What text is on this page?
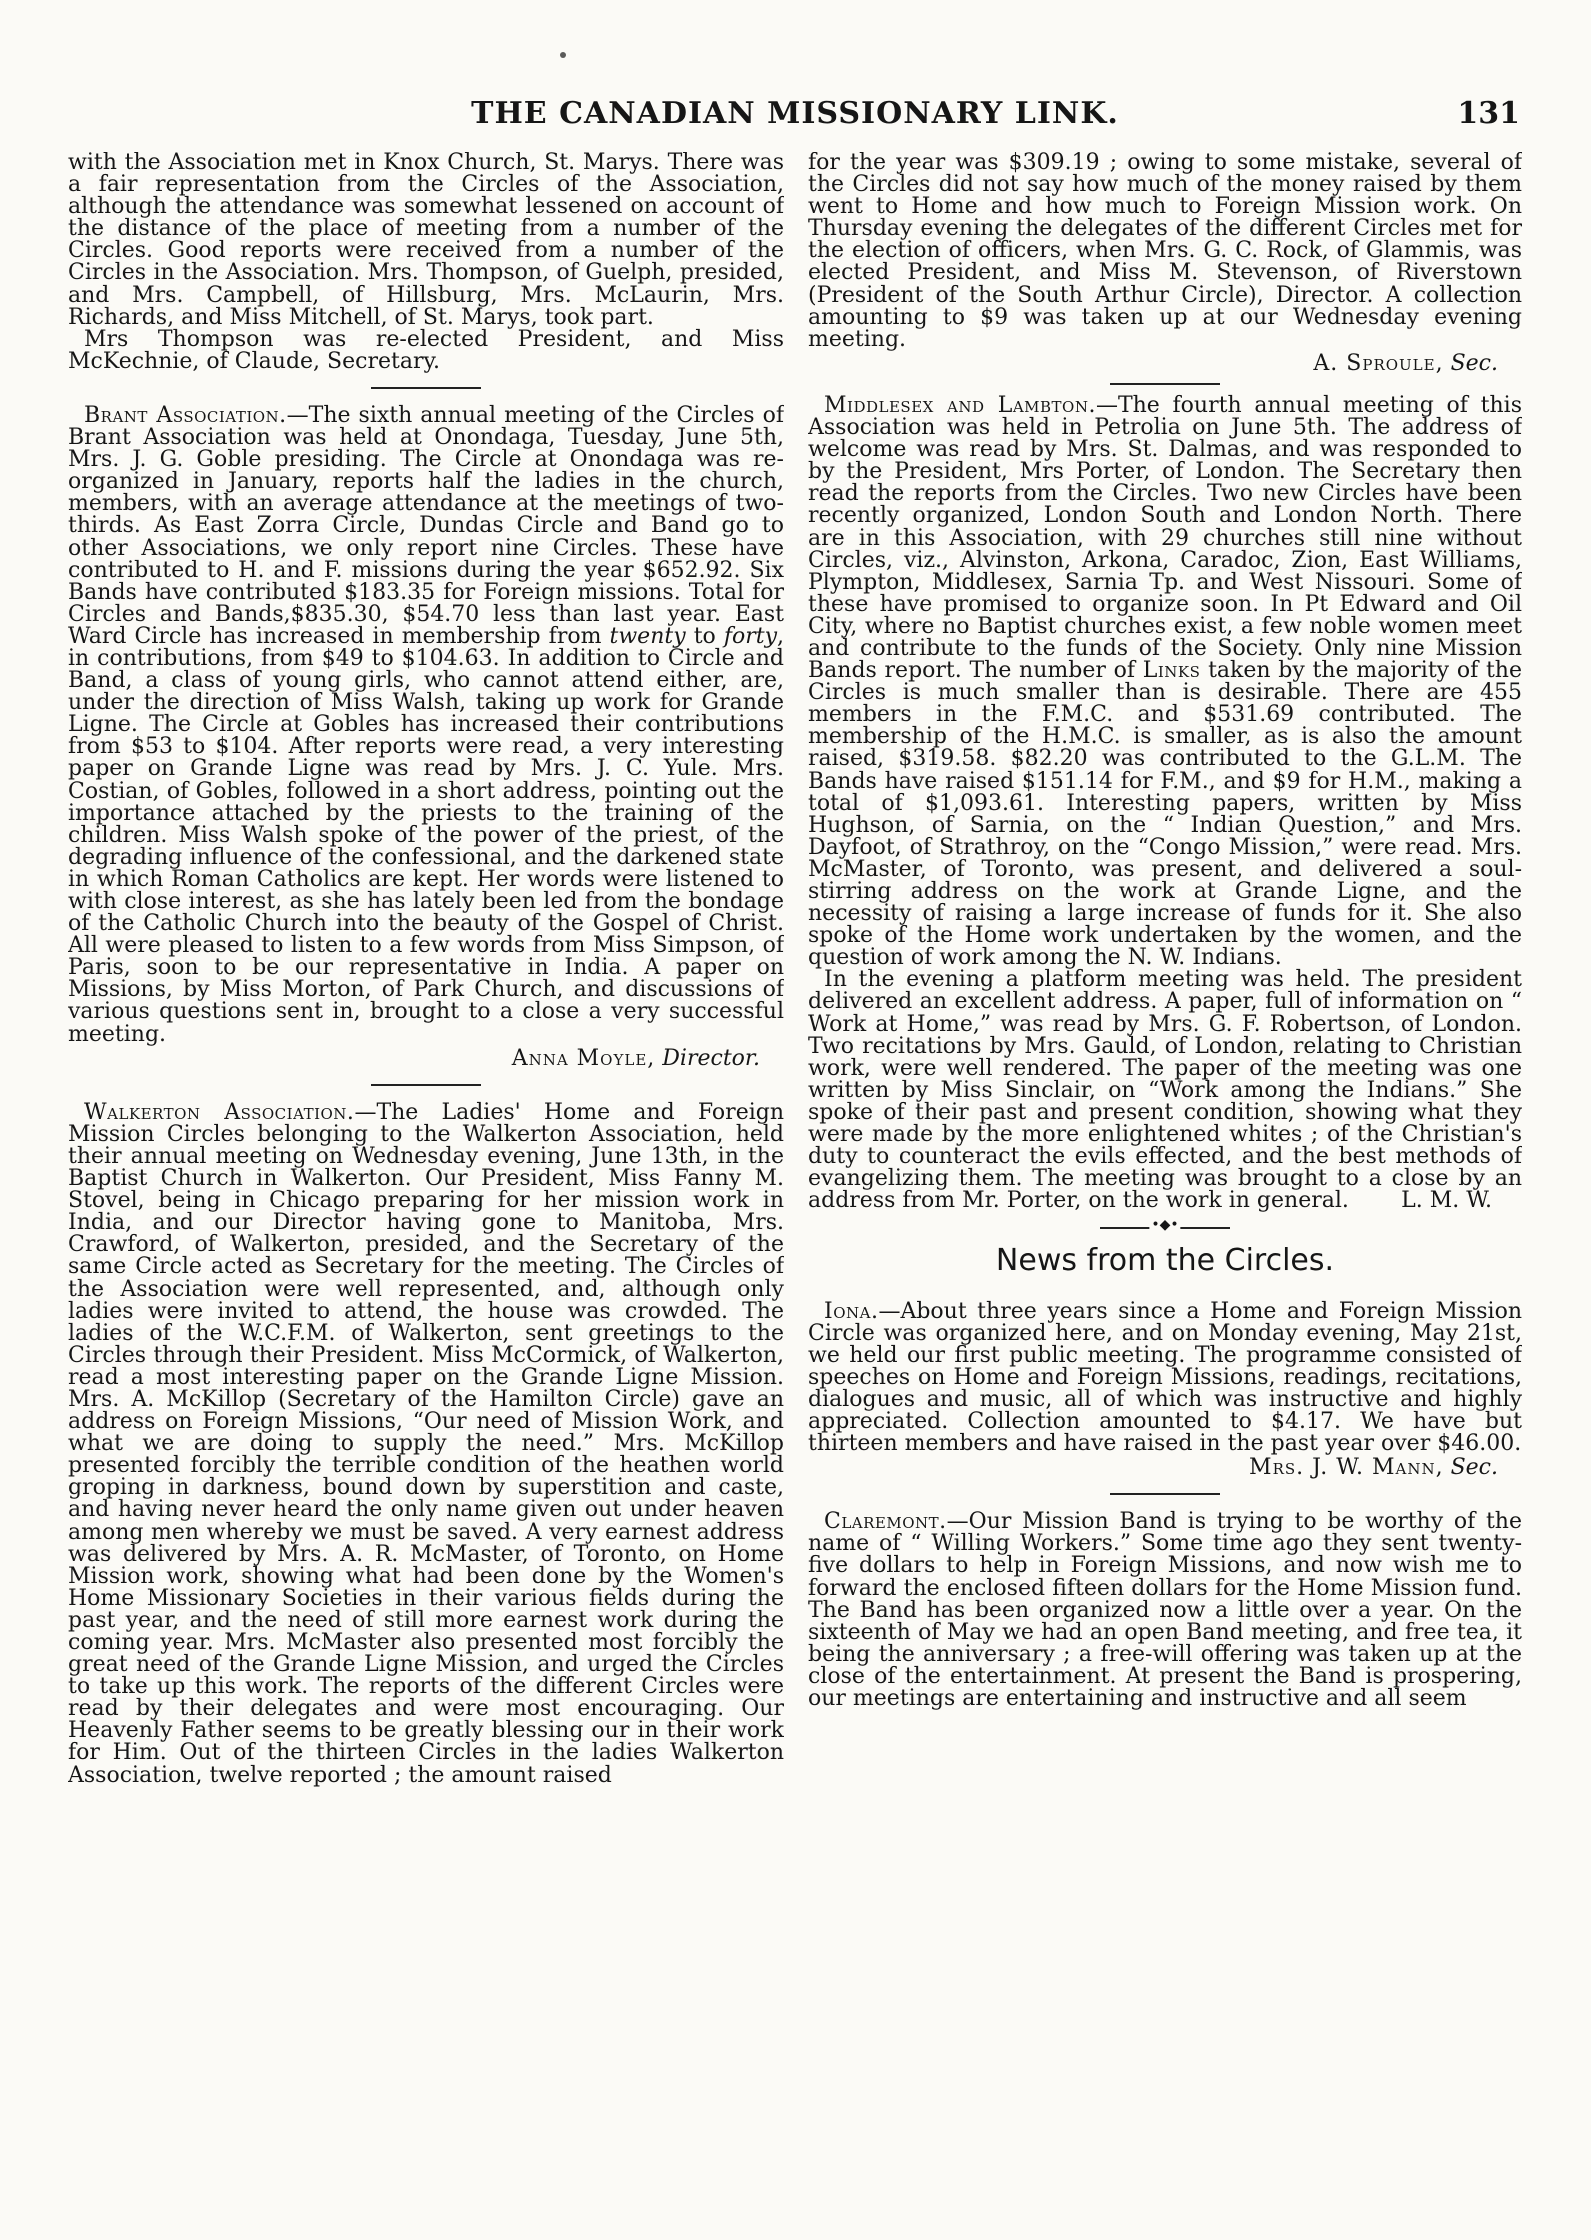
THE CANADIAN MISSIONARY LINK.	131

with the Association met in Knox Church, St. Marys. There was a fair representation from the Circles of the Association, although the attendance was somewhat lessened on account of the distance of the place of meeting from a number of the Circles. Good reports were received from a number of the Circles in the Association. Mrs. Thompson, of Guelph, presided, and Mrs. Campbell, of Hillsburg, Mrs. McLaurin, Mrs. Richards, and Miss Mitchell, of St. Marys, took part.

Mrs Thompson was re-elected President, and Miss McKechnie, of Claude, Secretary.

Brant Association.—The sixth annual meeting of the Circles of Brant Association was held at Onondaga, Tuesday, June 5th, Mrs. J. G. Goble presiding. The Circle at Onondaga was re-organized in January, reports half the ladies in the church, members, with an average attendance at the meetings of two-thirds. As East Zorra Circle, Dundas Circle and Band go to other Associations, we only report nine Circles. These have contributed to H. and F. missions during the year $652.92. Six Bands have contributed $183.35 for Foreign missions. Total for Circles and Bands,$835.30, $54.70 less than last year. East Ward Circle has increased in membership from twenty to forty, in contributions, from $49 to $104.63. In addition to Circle and Band, a class of young girls, who cannot attend either, are, under the direction of Miss Walsh, taking up work for Grande Ligne. The Circle at Gobles has increased their contributions from $53 to $104. After reports were read, a very interesting paper on Grande Ligne was read by Mrs. J. C. Yule. Mrs. Costian, of Gobles, followed in a short address, pointing out the importance attached by the priests to the training of the children. Miss Walsh spoke of the power of the priest, of the degrading influence of the confessional, and the darkened state in which Roman Catholics are kept. Her words were listened to with close interest, as she has lately been led from the bondage of the Catholic Church into the beauty of the Gospel of Christ. All were pleased to listen to a few words from Miss Simpson, of Paris, soon to be our representative in India. A paper on Missions, by Miss Morton, of Park Church, and discussions of various questions sent in, brought to a close a very successful meeting.

Anna Moyle, Director.

Walkerton Association.—The Ladies' Home and Foreign Mission Circles belonging to the Walkerton Association, held their annual meeting on Wednesday evening, June 13th, in the Baptist Church in Walkerton. Our President, Miss Fanny M. Stovel, being in Chicago preparing for her mission work in India, and our Director having gone to Manitoba, Mrs. Crawford, of Walkerton, presided, and the Secretary of the same Circle acted as Secretary for the meeting. The Circles of the Association were well represented, and, although only ladies were invited to attend, the house was crowded. The ladies of the W.C.F.M. of Walkerton, sent greetings to the Circles through their President. Miss McCormick, of Walkerton, read a most interesting paper on the Grande Ligne Mission. Mrs. A. McKillop (Secretary of the Hamilton Circle) gave an address on Foreign Missions, “Our need of Mission Work, and what we are doing to supply the need.” Mrs. McKillop presented forcibly the terrible condition of the heathen world groping in darkness, bound down by superstition and caste, and having never heard the only name given out under heaven among men whereby we must be saved. A very earnest address was delivered by Mrs. A. R. McMaster, of Toronto, on Home Mission work, showing what had been done by the Women's Home Missionary Societies in their various fields during the past year, and the need of still more earnest work during the coming year. Mrs. McMaster also presented most forcibly the great need of the Grande Ligne Mission, and urged the Circles to take up this work. The reports of the different Circles were read by their delegates and were most encouraging. Our Heavenly Father seems to be greatly blessing our in their work for Him. Out of the thirteen Circles in the ladies Walkerton Association, twelve reported ; the amount raised

for the year was $309.19 ; owing to some mistake, several of the Circles did not say how much of the money raised by them went to Home and how much to Foreign Mission work. On Thursday evening the delegates of the different Circles met for the election of officers, when Mrs. G. C. Rock, of Glammis, was elected President, and Miss M. Stevenson, of Riverstown (President of the South Arthur Circle), Director. A collection amounting to $9 was taken up at our Wednesday evening meeting.

A. Sproule, Sec.

Middlesex and Lambton.—The fourth annual meeting of this Association was held in Petrolia on June 5th. The address of welcome was read by Mrs. St. Dalmas, and was responded to by the President, Mrs Porter, of London. The Secretary then read the reports from the Circles. Two new Circles have been recently organized, London South and London North. There are in this Association, with 29 churches still nine without Circles, viz., Alvinston, Arkona, Caradoc, Zion, East Williams, Plympton, Middlesex, Sarnia Tp. and West Nissouri. Some of these have promised to organize soon. In Pt Edward and Oil City, where no Baptist churches exist, a few noble women meet and contribute to the funds of the Society. Only nine Mission Bands report. The number of Links taken by the majority of the Circles is much smaller than is desirable. There are 455 members in the F.M.C. and $531.69 contributed. The membership of the H.M.C. is smaller, as is also the amount raised, $319.58. $82.20 was contributed to the G.L.M. The Bands have raised $151.14 for F.M., and $9 for H.M., making a total of $1,093.61. Interesting papers, written by Miss Hughson, of Sarnia, on the “ Indian Question,” and Mrs. Dayfoot, of Strathroy, on the “Congo Mission,” were read. Mrs. McMaster, of Toronto, was present, and delivered a soul-stirring address on the work at Grande Ligne, and the necessity of raising a large increase of funds for it. She also spoke of the Home work undertaken by the women, and the question of work among the N. W. Indians.

In the evening a platform meeting was held. The president delivered an excellent address. A paper, full of information on “ Work at Home,” was read by Mrs. G. F. Robertson, of London. Two recitations by Mrs. Gauld, of London, relating to Christian work, were well rendered. The paper of the meeting was one written by Miss Sinclair, on “Work among the Indians.” She spoke of their past and present condition, showing what they were made by the more enlightened whites ; of the Christian's duty to counteract the evils effected, and the best methods of evangelizing them. The meeting was brought to a close by an address from Mr. Porter, on the work in general.	L. M. W.

•◆•
News from the Circles.

Iona.—About three years since a Home and Foreign Mission Circle was organized here, and on Monday evening, May 21st, we held our first public meeting. The programme consisted of speeches on Home and Foreign Missions, readings, recitations, dialogues and music, all of which was instructive and highly appreciated. Collection amounted to $4.17. We have but thirteen members and have raised in the past year over $46.00.

Mrs. J. W. Mann, Sec.

Claremont.—Our Mission Band is trying to be worthy of the name of “ Willing Workers.” Some time ago they sent twenty-five dollars to help in Foreign Missions, and now wish me to forward the enclosed fifteen dollars for the Home Mission fund. The Band has been organized now a little over a year. On the sixteenth of May we had an open Band meeting, and free tea, it being the anniversary ; a free-will offering was taken up at the close of the entertainment. At present the Band is prospering, our meetings are entertaining and instructive and all seem
